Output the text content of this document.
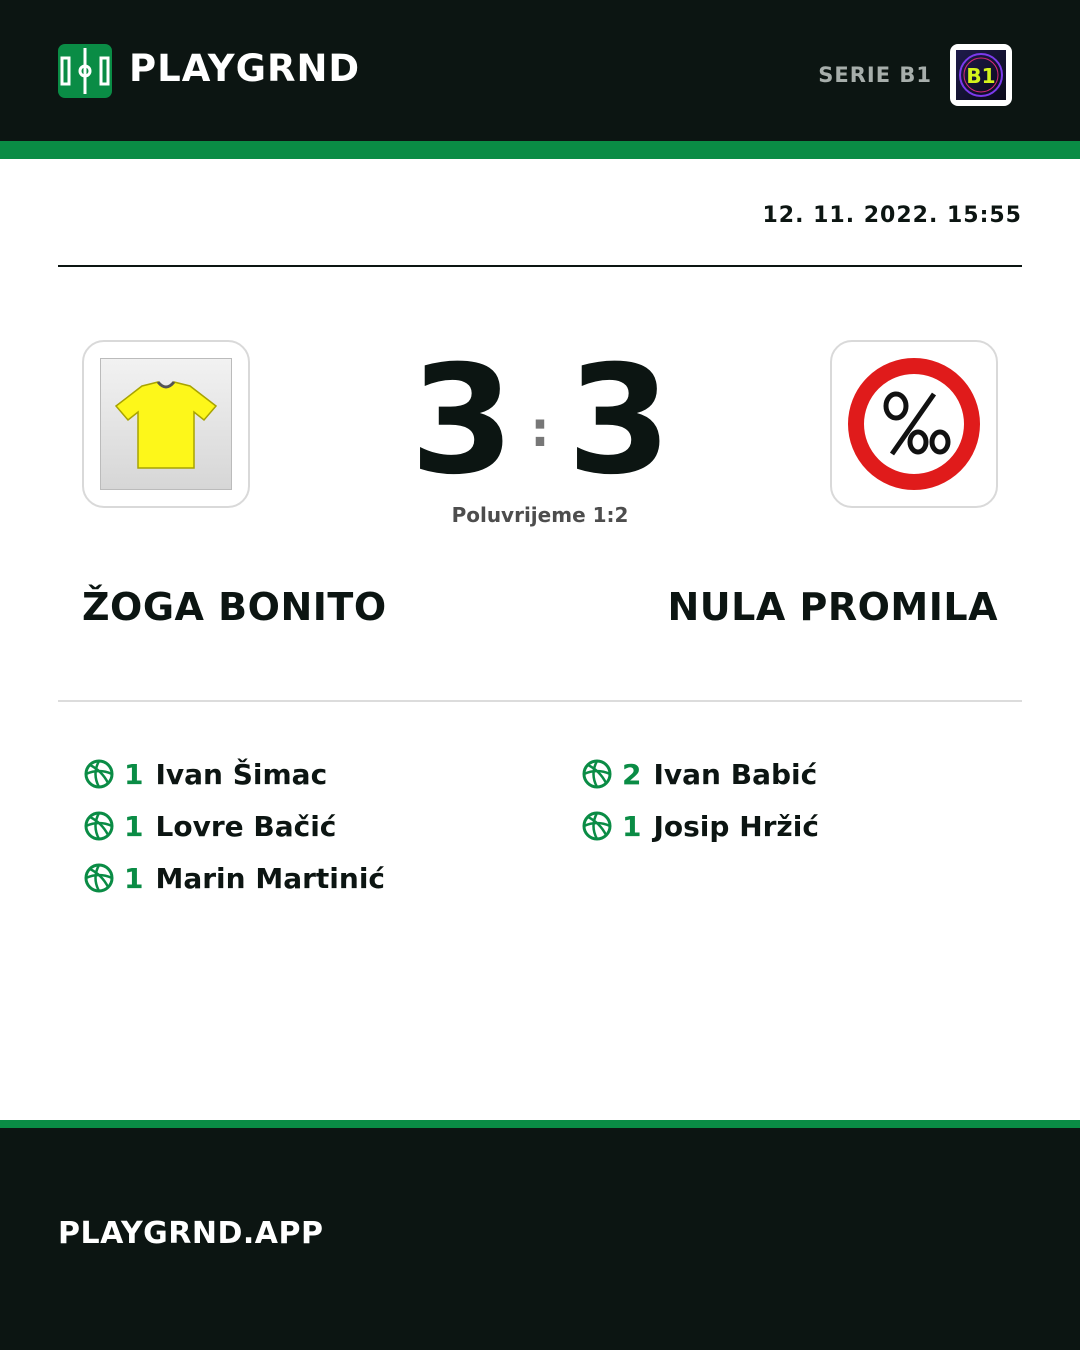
PLAYGRND	SERIE B1 B1
12. 11. 2022. 15:55
3 : 3
Poluvrijeme 1:2
ŽOGA BONITO	NULA PROMILA
1 Ivan Šimac
1 Lovre Bačić
1 Marin Martinić
2 Ivan Babić
1 Josip Hržić
PLAYGRND.APP
